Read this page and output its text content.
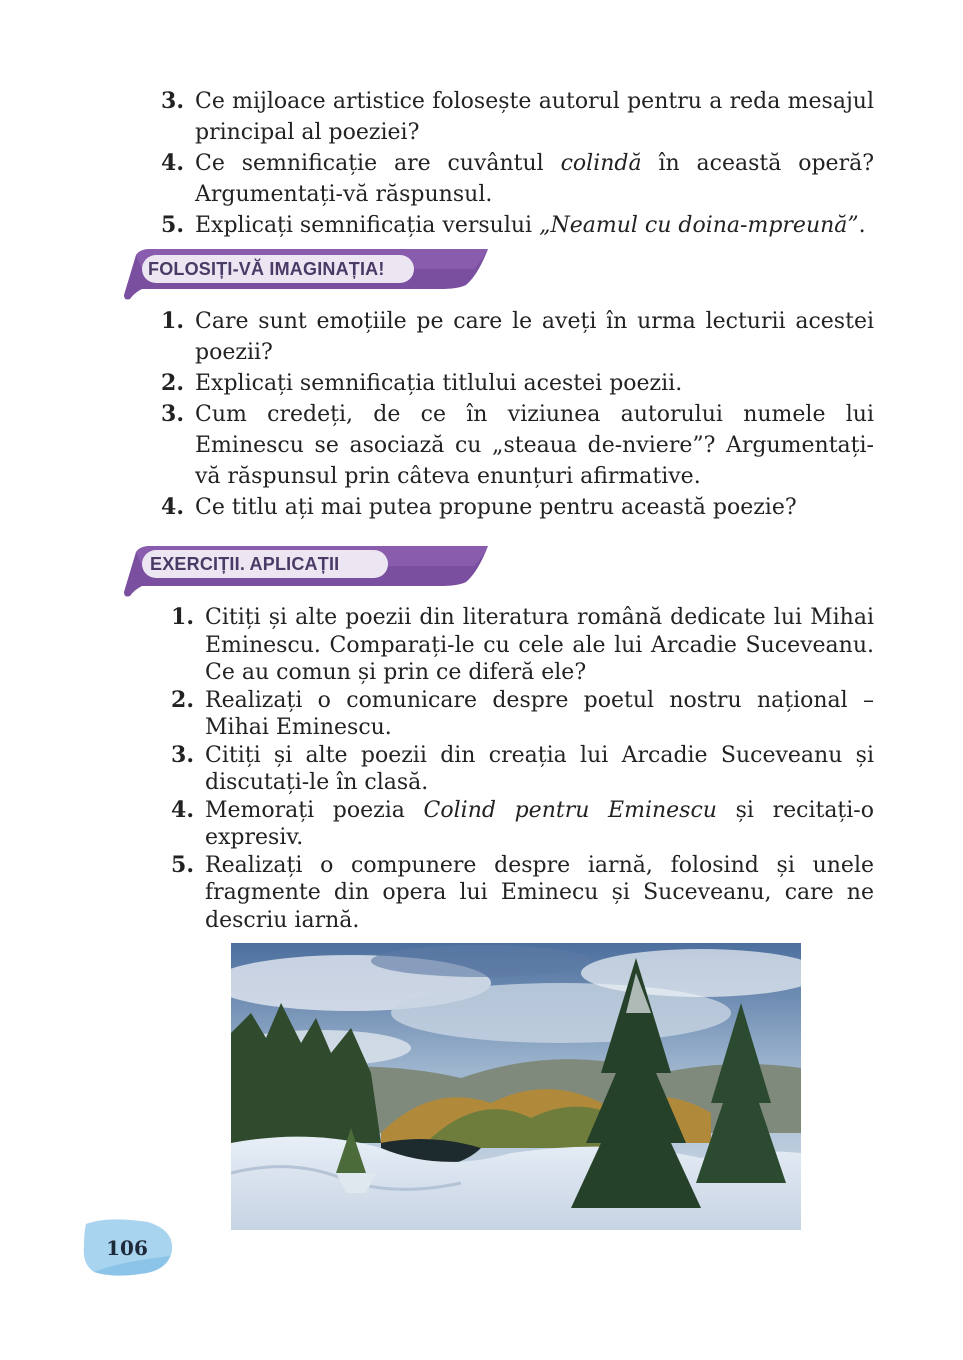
3. Ce mijloace artistice folosește autorul pentru a reda mesajul principal al poeziei?
4. Ce semnificație are cuvântul colindă în această operă? Argumentați-vă răspunsul.
5. Explicați semnificația versului „Neamul cu doina-mpreună”.
FOLOSIȚI-VĂ IMAGINAȚIA!
1. Care sunt emoțiile pe care le aveți în urma lecturii acestei poezii?
2. Explicați semnificația titlului acestei poezii.
3. Cum credeți, de ce în viziunea autorului numele lui Eminescu se asociază cu „steaua de-nviere”? Argumentați-vă răspunsul prin câteva enunțuri afirmative.
4. Ce titlu ați mai putea propune pentru această poezie?
EXERCIȚII. APLICAȚII
1. Citiți și alte poezii din literatura română dedicate lui Mihai Eminescu. Comparați-le cu cele ale lui Arcadie Suceveanu. Ce au comun și prin ce diferă ele?
2. Realizați o comunicare despre poetul nostru național – Mihai Eminescu.
3. Citiți și alte poezii din creația lui Arcadie Suceveanu și discutați-le în clasă.
4. Memorați poezia Colind pentru Eminescu și recitați-o expresiv.
5. Realizați o compunere despre iarnă, folosind și unele fragmente din opera lui Eminecu și Suceveanu, care ne descriu iarnă.
106
